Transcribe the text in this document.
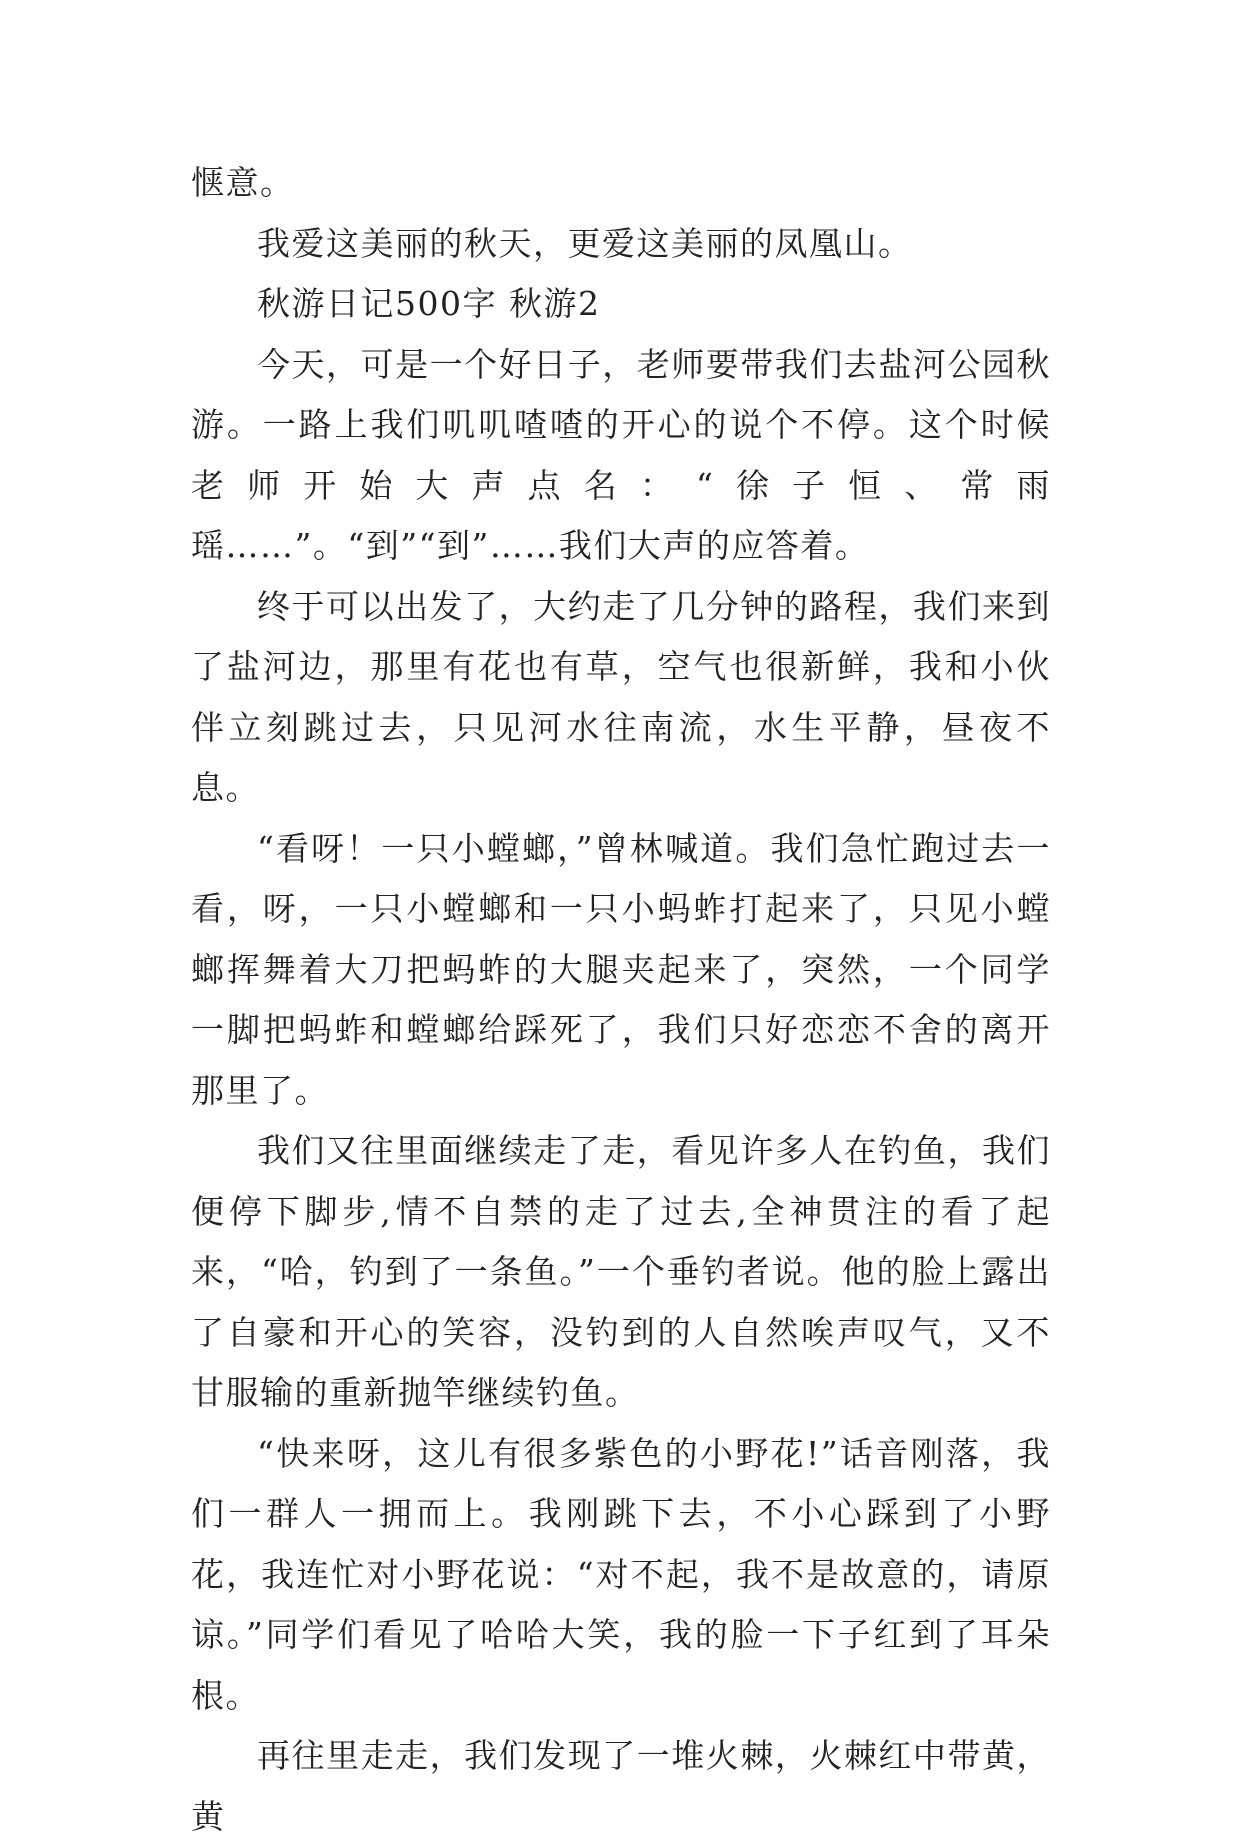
惬意。

我爱这美丽的秋天，更爱这美丽的凤凰山。

秋游日记500字 秋游2

今天，可是一个好日子，老师要带我们去盐河公园秋游。一路上我们叽叽喳喳的开心的说个不停。这个时候老师开始大声点名：“徐子恒、常雨瑶……”。“到”“到”……我们大声的应答着。

终于可以出发了，大约走了几分钟的路程，我们来到了盐河边，那里有花也有草，空气也很新鲜，我和小伙伴立刻跳过去，只见河水往南流，水生平静，昼夜不息。

“看呀！一只小螳螂，”曾林喊道。我们急忙跑过去一看，呀，一只小螳螂和一只小蚂蚱打起来了，只见小螳螂挥舞着大刀把蚂蚱的大腿夹起来了，突然，一个同学一脚把蚂蚱和螳螂给踩死了，我们只好恋恋不舍的离开那里了。

我们又往里面继续走了走，看见许多人在钓鱼，我们便停下脚步,情不自禁的走了过去,全神贯注的看了起来，“哈，钓到了一条鱼。”一个垂钓者说。他的脸上露出了自豪和开心的笑容，没钓到的人自然唉声叹气，又不甘服输的重新抛竿继续钓鱼。

“快来呀，这儿有很多紫色的小野花!”话音刚落，我们一群人一拥而上。我刚跳下去，不小心踩到了小野花，我连忙对小野花说：“对不起，我不是故意的，请原谅。”同学们看见了哈哈大笑，我的脸一下子红到了耳朵根。

再往里走走，我们发现了一堆火棘，火棘红中带黄，黄
